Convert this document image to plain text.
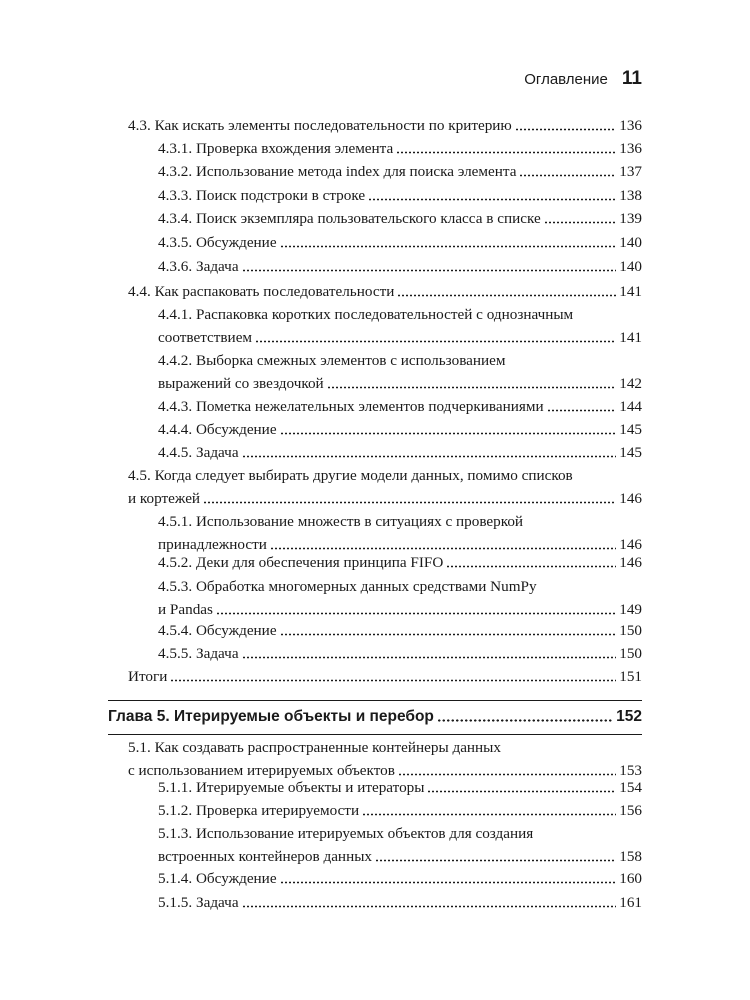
Оглавление 11
4.3. Как искать элементы последовательности по критерию	136
4.3.1. Проверка вхождения элемента	136
4.3.2. Использование метода index для поиска элемента	137
4.3.3. Поиск подстроки в строке	138
4.3.4. Поиск экземпляра пользовательского класса в списке	139
4.3.5. Обсуждение	140
4.3.6. Задача	140
4.4. Как распаковать последовательности	141
4.4.1. Распаковка коротких последовательностей с однозначным
соответствием	141
4.4.2. Выборка смежных элементов с использованием
выражений со звездочкой	142
4.4.3. Пометка нежелательных элементов подчеркиваниями	144
4.4.4. Обсуждение	145
4.4.5. Задача	145
4.5. Когда следует выбирать другие модели данных, помимо списков
и кортежей	146
4.5.1. Использование множеств в ситуациях с проверкой
принадлежности	146
4.5.2. Деки для обеспечения принципа FIFO	146
4.5.3. Обработка многомерных данных средствами NumPy
и Pandas	149
4.5.4. Обсуждение	150
4.5.5. Задача	150
Итоги	151
Глава 5. Итерируемые объекты и перебор	152
5.1. Как создавать распространенные контейнеры данных
с использованием итерируемых объектов	153
5.1.1. Итерируемые объекты и итераторы	154
5.1.2. Проверка итерируемости	156
5.1.3. Использование итерируемых объектов для создания
встроенных контейнеров данных	158
5.1.4. Обсуждение	160
5.1.5. Задача	161
